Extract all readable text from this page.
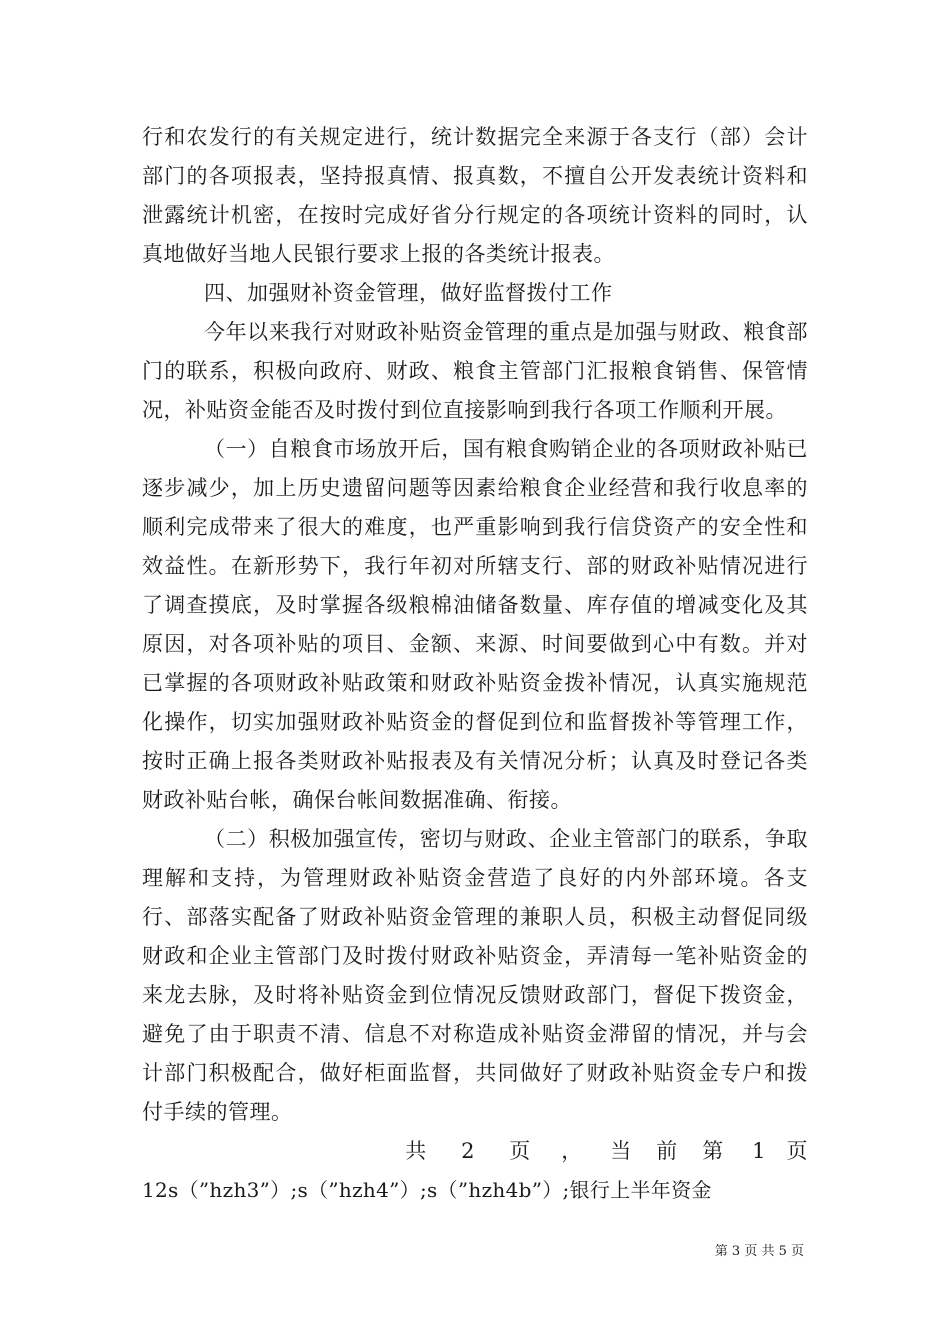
行和农发行的有关规定进行，统计数据完全来源于各支行（部）会计部门的各项报表，坚持报真情、报真数，不擅自公开发表统计资料和泄露统计机密，在按时完成好省分行规定的各项统计资料的同时，认真地做好当地人民银行要求上报的各类统计报表。

四、加强财补资金管理，做好监督拨付工作

今年以来我行对财政补贴资金管理的重点是加强与财政、粮食部门的联系，积极向政府、财政、粮食主管部门汇报粮食销售、保管情况，补贴资金能否及时拨付到位直接影响到我行各项工作顺利开展。

（一）自粮食市场放开后，国有粮食购销企业的各项财政补贴已逐步减少，加上历史遗留问题等因素给粮食企业经营和我行收息率的顺利完成带来了很大的难度，也严重影响到我行信贷资产的安全性和效益性。在新形势下，我行年初对所辖支行、部的财政补贴情况进行了调查摸底，及时掌握各级粮棉油储备数量、库存值的增减变化及其原因，对各项补贴的项目、金额、来源、时间要做到心中有数。并对已掌握的各项财政补贴政策和财政补贴资金拨补情况，认真实施规范化操作，切实加强财政补贴资金的督促到位和监督拨补等管理工作，按时正确上报各类财政补贴报表及有关情况分析；认真及时登记各类财政补贴台帐，确保台帐间数据准确、衔接。

（二）积极加强宣传，密切与财政、企业主管部门的联系，争取理解和支持，为管理财政补贴资金营造了良好的内外部环境。各支行、部落实配备了财政补贴资金管理的兼职人员，积极主动督促同级财政和企业主管部门及时拨付财政补贴资金，弄清每一笔补贴资金的来龙去脉，及时将补贴资金到位情况反馈财政部门，督促下拨资金，避免了由于职责不清、信息不对称造成补贴资金滞留的情况，并与会计部门积极配合，做好柜面监督，共同做好了财政补贴资金专户和拨付手续的管理。

共	2	页	，	当	前	第	1 页

12s（”hzh3”）;s（”hzh4”）;s（”hzh4b”）;银行上半年资金

第 3 页 共 5 页
